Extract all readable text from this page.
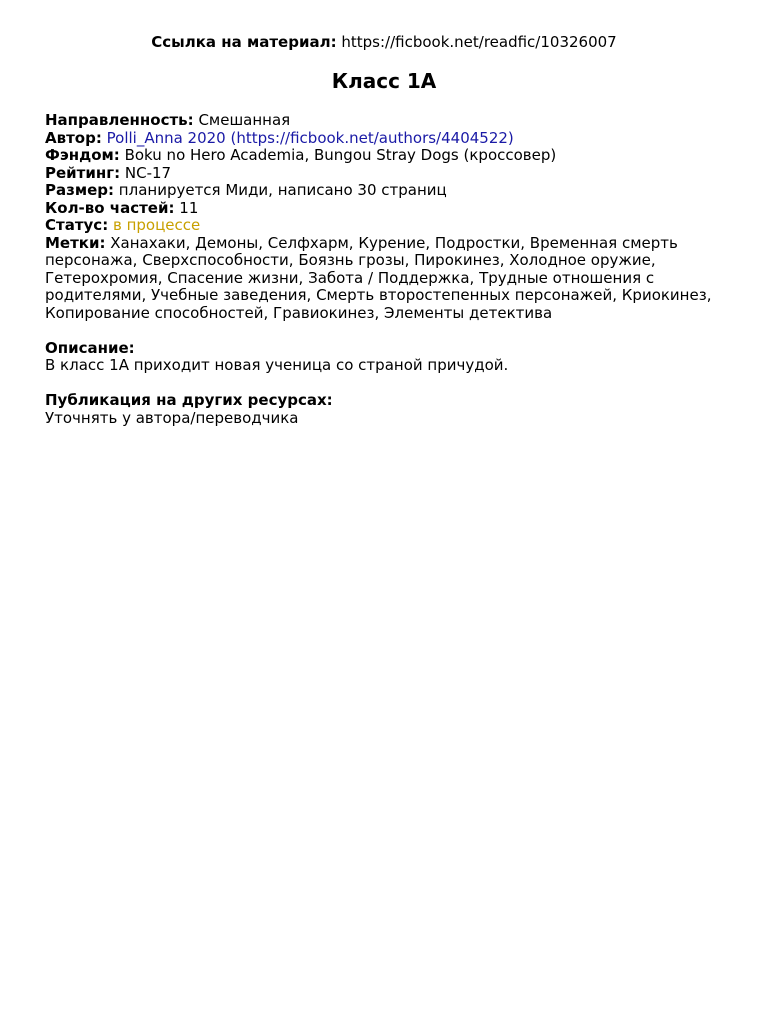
Ссылка на материал: https://ficbook.net/readfic/10326007
Класс 1А

Направленность: Смешанная

Автор: Polli_Anna 2020 (https://ficbook.net/authors/4404522)

Фэндом: Boku no Hero Academia, Bungou Stray Dogs (кроссовер)

Рейтинг: NC-17

Размер: планируется Миди, написано 30 страниц

Кол-во частей: 11

Статус: в процессе

Метки: Ханахаки, Демоны, Селфхарм, Курение, Подростки, Временная смерть персонажа, Сверхспособности, Боязнь грозы, Пирокинез, Холодное оружие, Гетерохромия, Спасение жизни, Забота / Поддержка, Трудные отношения с родителями, Учебные заведения, Смерть второстепенных персонажей, Криокинез, Копирование способностей, Гравиокинез, Элементы детектива

Описание:

В класс 1А приходит новая ученица со страной причудой.

Публикация на других ресурсах:

Уточнять у автора/переводчика
